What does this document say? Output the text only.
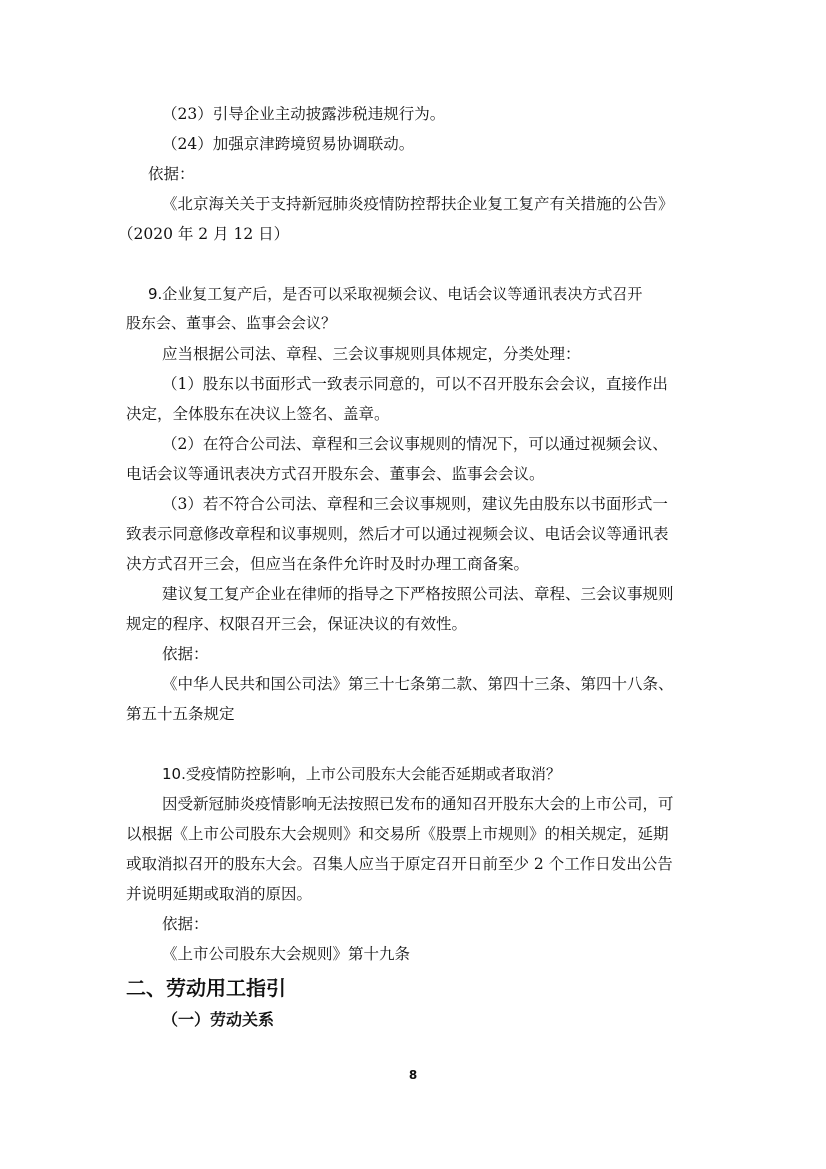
（23）引导企业主动披露涉税违规行为。
（24）加强京津跨境贸易协调联动。
依据：
《北京海关关于支持新冠肺炎疫情防控帮扶企业复工复产有关措施的公告》
（2020 年 2 月 12 日）
9.企业复工复产后，是否可以采取视频会议、电话会议等通讯表决方式召开
股东会、董事会、监事会会议？
应当根据公司法、章程、三会议事规则具体规定，分类处理：
（1）股东以书面形式一致表示同意的，可以不召开股东会会议，直接作出
决定，全体股东在决议上签名、盖章。
（2）在符合公司法、章程和三会议事规则的情况下，可以通过视频会议、
电话会议等通讯表决方式召开股东会、董事会、监事会会议。
（3）若不符合公司法、章程和三会议事规则，建议先由股东以书面形式一
致表示同意修改章程和议事规则，然后才可以通过视频会议、电话会议等通讯表
决方式召开三会，但应当在条件允许时及时办理工商备案。
建议复工复产企业在律师的指导之下严格按照公司法、章程、三会议事规则
规定的程序、权限召开三会，保证决议的有效性。
依据：
《中华人民共和国公司法》第三十七条第二款、第四十三条、第四十八条、
第五十五条规定
10.受疫情防控影响，上市公司股东大会能否延期或者取消？
因受新冠肺炎疫情影响无法按照已发布的通知召开股东大会的上市公司，可
以根据《上市公司股东大会规则》和交易所《股票上市规则》的相关规定，延期
或取消拟召开的股东大会。召集人应当于原定召开日前至少 2 个工作日发出公告
并说明延期或取消的原因。
依据：
《上市公司股东大会规则》第十九条
二、劳动用工指引
（一）劳动关系
8
